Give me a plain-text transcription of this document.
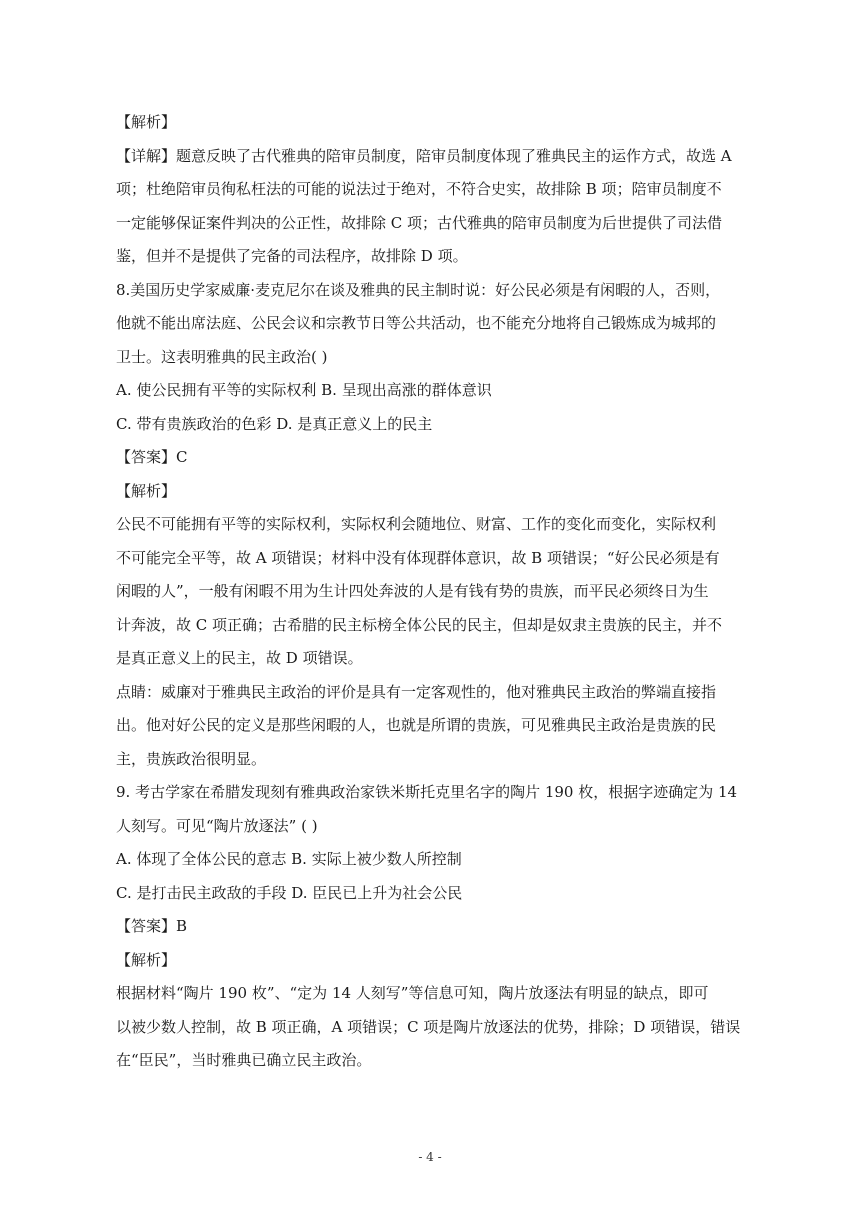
【解析】
【详解】题意反映了古代雅典的陪审员制度，陪审员制度体现了雅典民主的运作方式，故选 A
项；杜绝陪审员徇私枉法的可能的说法过于绝对，不符合史实，故排除 B 项；陪审员制度不
一定能够保证案件判决的公正性，故排除 C 项；古代雅典的陪审员制度为后世提供了司法借
鉴，但并不是提供了完备的司法程序，故排除 D 项。
8.美国历史学家威廉·麦克尼尔在谈及雅典的民主制时说：好公民必须是有闲暇的人，否则，
他就不能出席法庭、公民会议和宗教节日等公共活动，也不能充分地将自己锻炼成为城邦的
卫士。这表明雅典的民主政治( )
A. 使公民拥有平等的实际权利 B. 呈现出高涨的群体意识
C. 带有贵族政治的色彩 D. 是真正意义上的民主
【答案】C
【解析】
公民不可能拥有平等的实际权利，实际权利会随地位、财富、工作的变化而变化，实际权利
不可能完全平等，故 A 项错误；材料中没有体现群体意识，故 B 项错误；“好公民必须是有
闲暇的人”，一般有闲暇不用为生计四处奔波的人是有钱有势的贵族，而平民必须终日为生
计奔波，故 C 项正确；古希腊的民主标榜全体公民的民主，但却是奴隶主贵族的民主，并不
是真正意义上的民主，故 D 项错误。
点睛：威廉对于雅典民主政治的评价是具有一定客观性的，他对雅典民主政治的弊端直接指
出。他对好公民的定义是那些闲暇的人，也就是所谓的贵族，可见雅典民主政治是贵族的民
主，贵族政治很明显。
9. 考古学家在希腊发现刻有雅典政治家铁米斯托克里名字的陶片 190 枚，根据字迹确定为 14
人刻写。可见“陶片放逐法” ( )
A. 体现了全体公民的意志 B. 实际上被少数人所控制
C. 是打击民主政敌的手段 D. 臣民已上升为社会公民
【答案】B
【解析】
根据材料“陶片 190 枚”、“定为 14 人刻写”等信息可知，陶片放逐法有明显的缺点，即可
以被少数人控制，故 B 项正确，A 项错误；C 项是陶片放逐法的优势，排除；D 项错误，错误
在“臣民”，当时雅典已确立民主政治。
- 4 -
